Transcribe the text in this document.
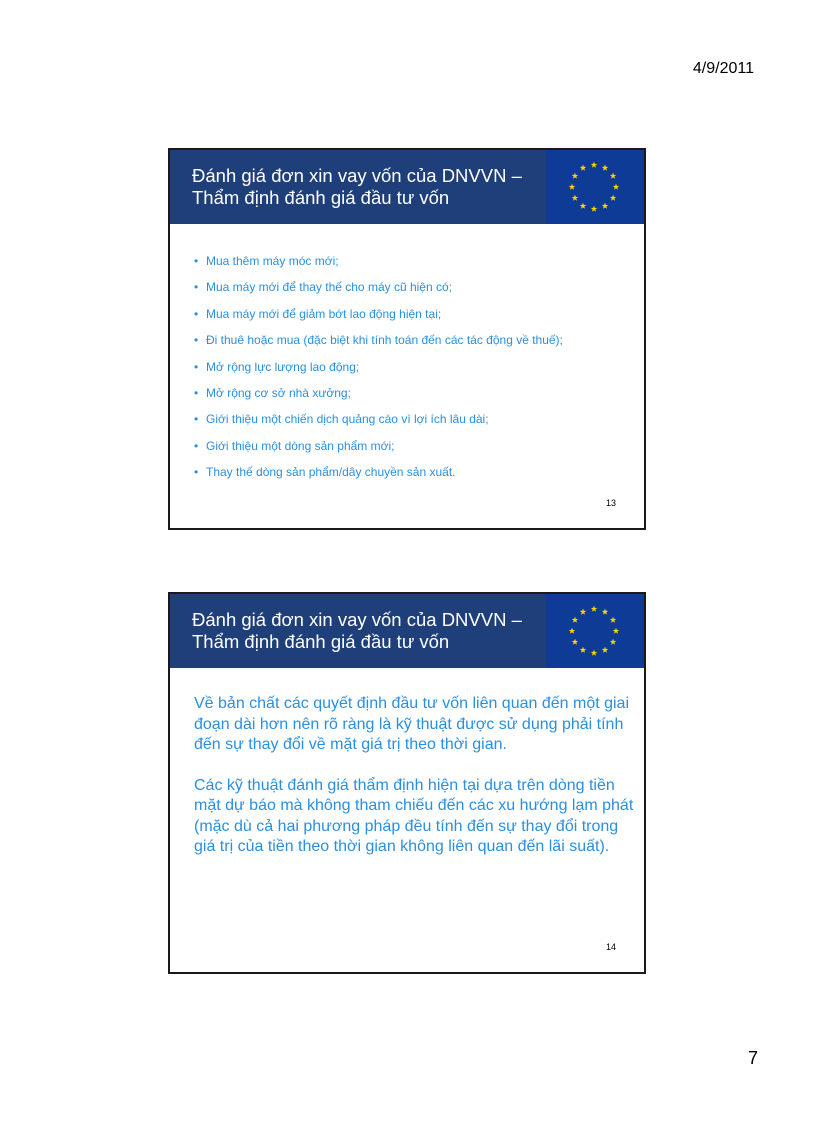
4/9/2011
Đánh giá đơn xin vay vốn của DNVVN –
Thẩm định đánh giá đầu tư vốn
• Mua thêm máy móc mới;
• Mua máy mới để thay thế cho máy cũ hiện có;
• Mua máy mới để giảm bớt lao động hiện tại;
• Đi thuê hoặc mua (đặc biệt khi tính toán đến các tác động về thuế);
• Mở rộng lực lượng lao động;
• Mở rộng cơ sở nhà xưởng;
• Giới thiệu một chiến dịch quảng cáo vì lợi ích lâu dài;
• Giới thiệu một dòng sản phẩm mới;
• Thay thế dòng sản phẩm/dây chuyền sản xuất.
13
Đánh giá đơn xin vay vốn của DNVVN –
Thẩm định đánh giá đầu tư vốn

Về bản chất các quyết định đầu tư vốn liên quan đến một giai đoạn dài hơn nên rõ ràng là kỹ thuật được sử dụng phải tính đến sự thay đổi về mặt giá trị theo thời gian.

Các kỹ thuật đánh giá thẩm định hiện tại dựa trên dòng tiền mặt dự báo mà không tham chiếu đến các xu hướng lạm phát (mặc dù cả hai phương pháp đều tính đến sự thay đổi trong giá trị của tiền theo thời gian không liên quan đến lãi suất).

14
7
